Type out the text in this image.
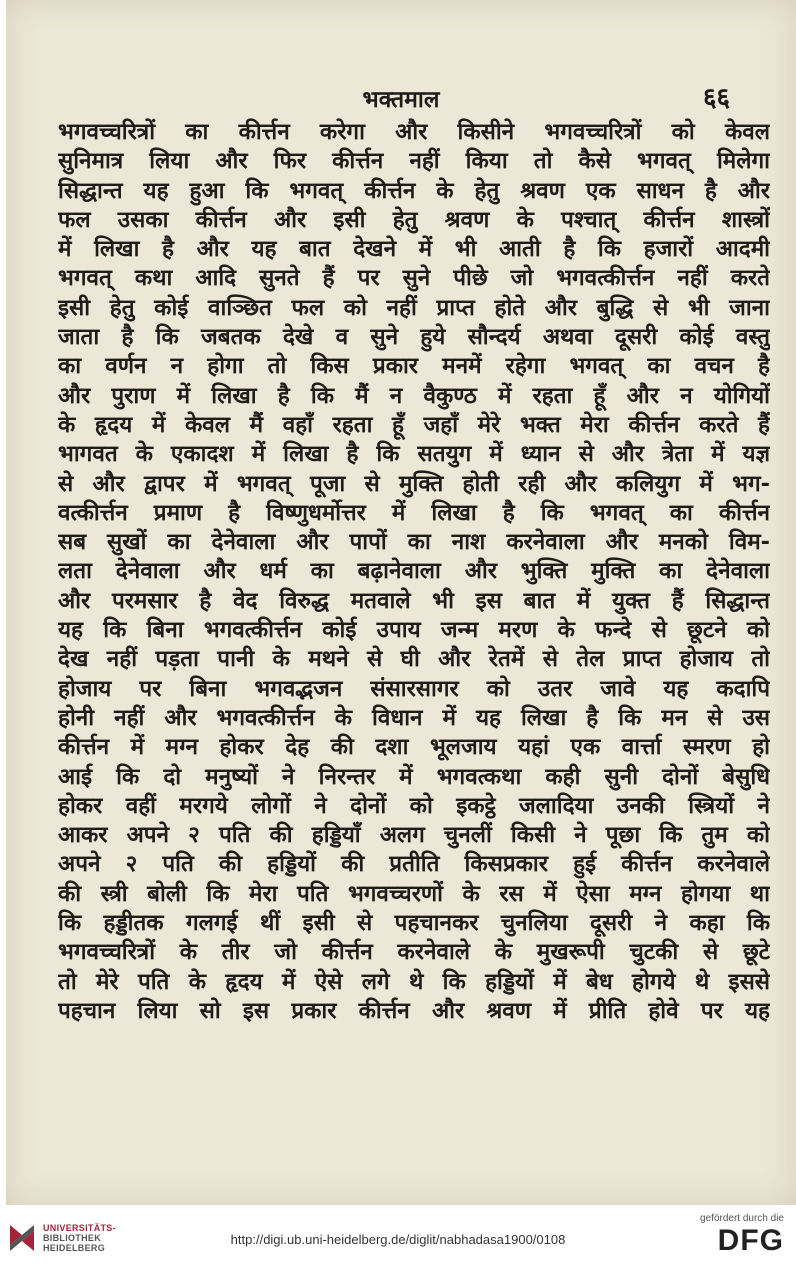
भक्तमाल	६६
भगवच्चरित्रों का कीर्त्तन करेगा और किसीने भगवच्चरित्रों को केवल
सुनिमात्र लिया और फिर कीर्त्तन नहीं किया तो कैसे भगवत् मिलेगा
सिद्धान्त यह हुआ कि भगवत् कीर्त्तन के हेतु श्रवण एक साधन है और
फल उसका कीर्त्तन और इसी हेतु श्रवण के पश्चात् कीर्त्तन शास्त्रों
में लिखा है और यह बात देखने में भी आती है कि हजारों आदमी
भगवत् कथा आदि सुनते हैं पर सुने पीछे जो भगवत्कीर्त्तन नहीं करते
इसी हेतु कोई वाञ्छित फल को नहीं प्राप्त होते और बुद्धि से भी जाना
जाता है कि जबतक देखे व सुने हुये सौन्दर्य अथवा दूसरी कोई वस्तु
का वर्णन न होगा तो किस प्रकार मनमें रहेगा भगवत् का वचन है
और पुराण में लिखा है कि मैं न वैकुण्ठ में रहता हूँ और न योगियों
के हृदय में केवल मैं वहाँ रहता हूँ जहाँ मेरे भक्त मेरा कीर्त्तन करते हैं
भागवत के एकादश में लिखा है कि सतयुग में ध्यान से और त्रेता में यज्ञ
से और द्वापर में भगवत् पूजा से मुक्ति होती रही और कलियुग में भग-
वत्कीर्त्तन प्रमाण है विष्णुधर्मोत्तर में लिखा है कि भगवत् का कीर्त्तन
सब सुखों का देनेवाला और पापों का नाश करनेवाला और मनको विम-
लता देनेवाला और धर्म का बढ़ानेवाला और भुक्ति मुक्ति का देनेवाला
और परमसार है वेद विरुद्ध मतवाले भी इस बात में युक्त हैं सिद्धान्त
यह कि बिना भगवत्कीर्त्तन कोई उपाय जन्म मरण के फन्दे से छूटने को
देख नहीं पड़ता पानी के मथने से घी और रेतमें से तेल प्राप्त होजाय तो
होजाय पर बिना भगवद्भजन संसारसागर को उतर जावे यह कदापि
होनी नहीं और भगवत्कीर्त्तन के विधान में यह लिखा है कि मन से उस
कीर्त्तन में मग्न होकर देह की दशा भूलजाय यहां एक वार्त्ता स्मरण हो
आई कि दो मनुष्यों ने निरन्तर में भगवत्कथा कही सुनी दोनों बेसुधि
होकर वहीं मरगये लोगों ने दोनों को इकट्ठे जलादिया उनकी स्त्रियों ने
आकर अपने २ पति की हड्डियाँ अलग चुनलीं किसी ने पूछा कि तुम को
अपने २ पति की हड्डियों की प्रतीति किसप्रकार हुई कीर्त्तन करनेवाले
की स्त्री बोली कि मेरा पति भगवच्चरणों के रस में ऐसा मग्न होगया था
कि हड्डीतक गलगई थीं इसी से पहचानकर चुनलिया दूसरी ने कहा कि
भगवच्चरित्रों के तीर जो कीर्त्तन करनेवाले के मुखरूपी चुटकी से छूटे
तो मेरे पति के हृदय में ऐसे लगे थे कि हड्डियों में बेध होगये थे इससे
पहचान लिया सो इस प्रकार कीर्त्तन और श्रवण में प्रीति होवे पर यह
UNIVERSITÄTS-
BIBLIOTHEK
HEIDELBERG
http://digi.ub.uni-heidelberg.de/diglit/nabhadasa1900/0108
gefördert durch die
DFG
